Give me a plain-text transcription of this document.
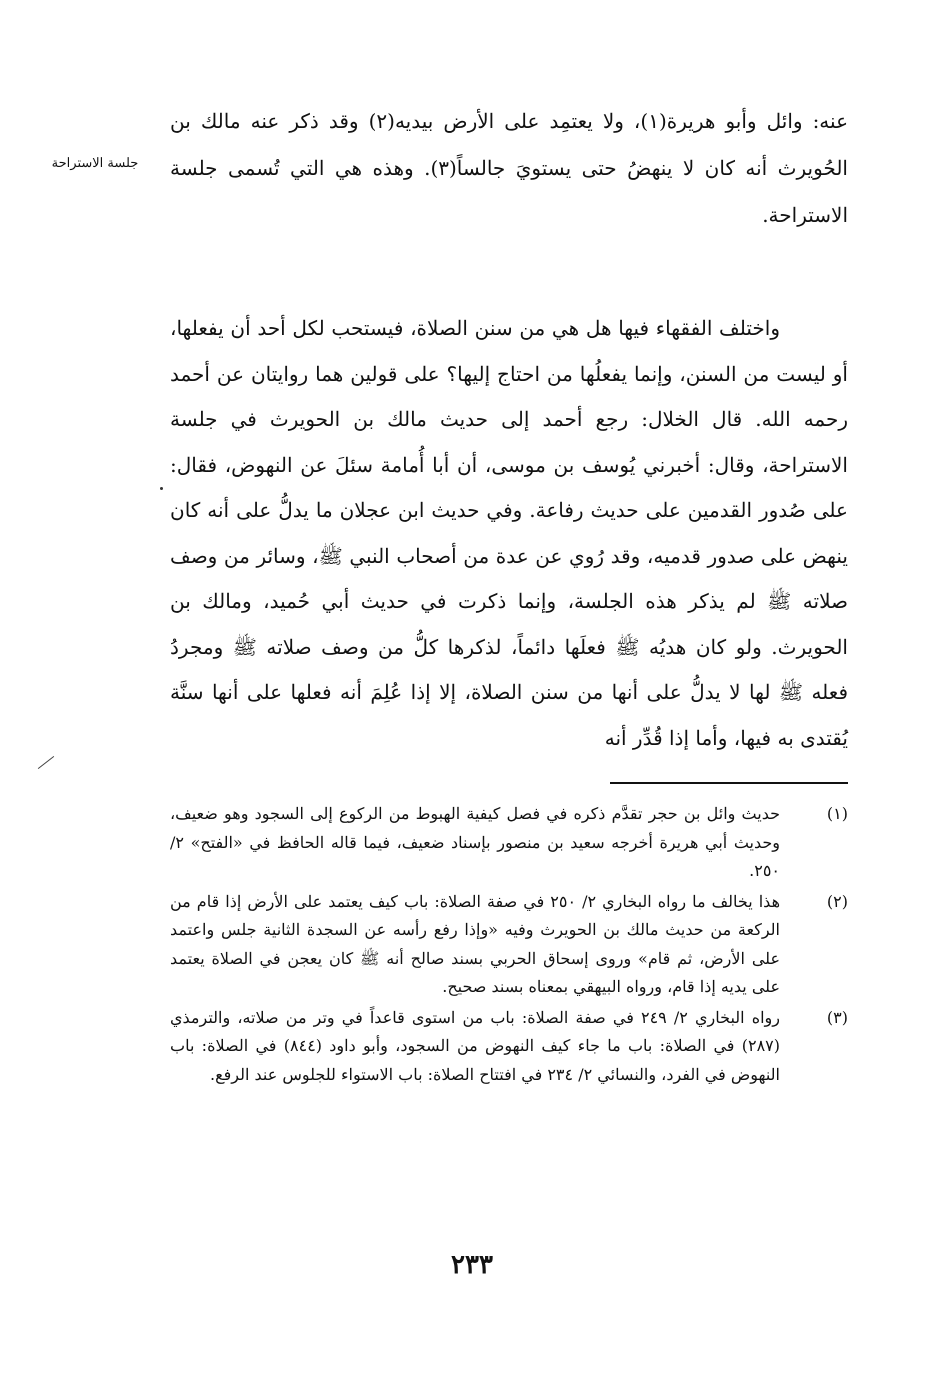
جلسة الاستراحة

عنه: وائل وأبو هريرة(١)، ولا يعتمِد على الأرض بيديه(٢) وقد ذكر عنه مالك بن الحُويرث أنه كان لا ينهضُ حتى يستويَ جالساً(٣). وهذه هي التي تُسمى جلسة الاستراحة.

واختلف الفقهاء فيها هل هي من سنن الصلاة، فيستحب لكل أحد أن يفعلها، أو ليست من السنن، وإنما يفعلُها من احتاج إليها؟ على قولين هما روايتان عن أحمد رحمه الله. قال الخلال: رجع أحمد إلى حديث مالك بن الحويرث في جلسة الاستراحة، وقال: أخبرني يُوسف بن موسى، أن أبا أُمامة سئلَ عن النهوض، فقال: على صُدور القدمين على حديث رفاعة. وفي حديث ابن عجلان ما يدلُّ على أنه كان ينهض على صدور قدميه، وقد رُوي عن عدة من أصحاب النبي ﷺ، وسائر من وصف صلاته ﷺ لم يذكر هذه الجلسة، وإنما ذكرت في حديث أبي حُميد، ومالك بن الحويرث. ولو كان هديُه ﷺ فعلَها دائماً، لذكرها كلُّ من وصف صلاته ﷺ ومجردُ فعله ﷺ لها لا يدلُّ على أنها من سنن الصلاة، إلا إذا عُلِمَ أنه فعلها على أنها سنَّة يُقتدى به فيها، وأما إذا قُدِّر أنه

(١)
حديث وائل بن حجر تقدَّم ذكره في فصل كيفية الهبوط من الركوع إلى السجود وهو ضعيف، وحديث أبي هريرة أخرجه سعيد بن منصور بإسناد ضعيف، فيما قاله الحافظ في «الفتح» ٢/ ٢٥٠.
(٢)
هذا يخالف ما رواه البخاري ٢/ ٢٥٠ في صفة الصلاة: باب كيف يعتمد على الأرض إذا قام من الركعة من حديث مالك بن الحويرث وفيه «وإذا رفع رأسه عن السجدة الثانية جلس واعتمد على الأرض، ثم قام» وروى إسحاق الحربي بسند صالح أنه ﷺ كان يعجن في الصلاة يعتمد على يديه إذا قام، ورواه البيهقي بمعناه بسند صحيح.
(٣)
رواه البخاري ٢/ ٢٤٩ في صفة الصلاة: باب من استوى قاعداً في وتر من صلاته، والترمذي (٢٨٧) في الصلاة: باب ما جاء كيف النهوض من السجود، وأبو داود (٨٤٤) في الصلاة: باب النهوض في الفرد، والنسائي ٢/ ٢٣٤ في افتتاح الصلاة: باب الاستواء للجلوس عند الرفع.
٢٣٣
